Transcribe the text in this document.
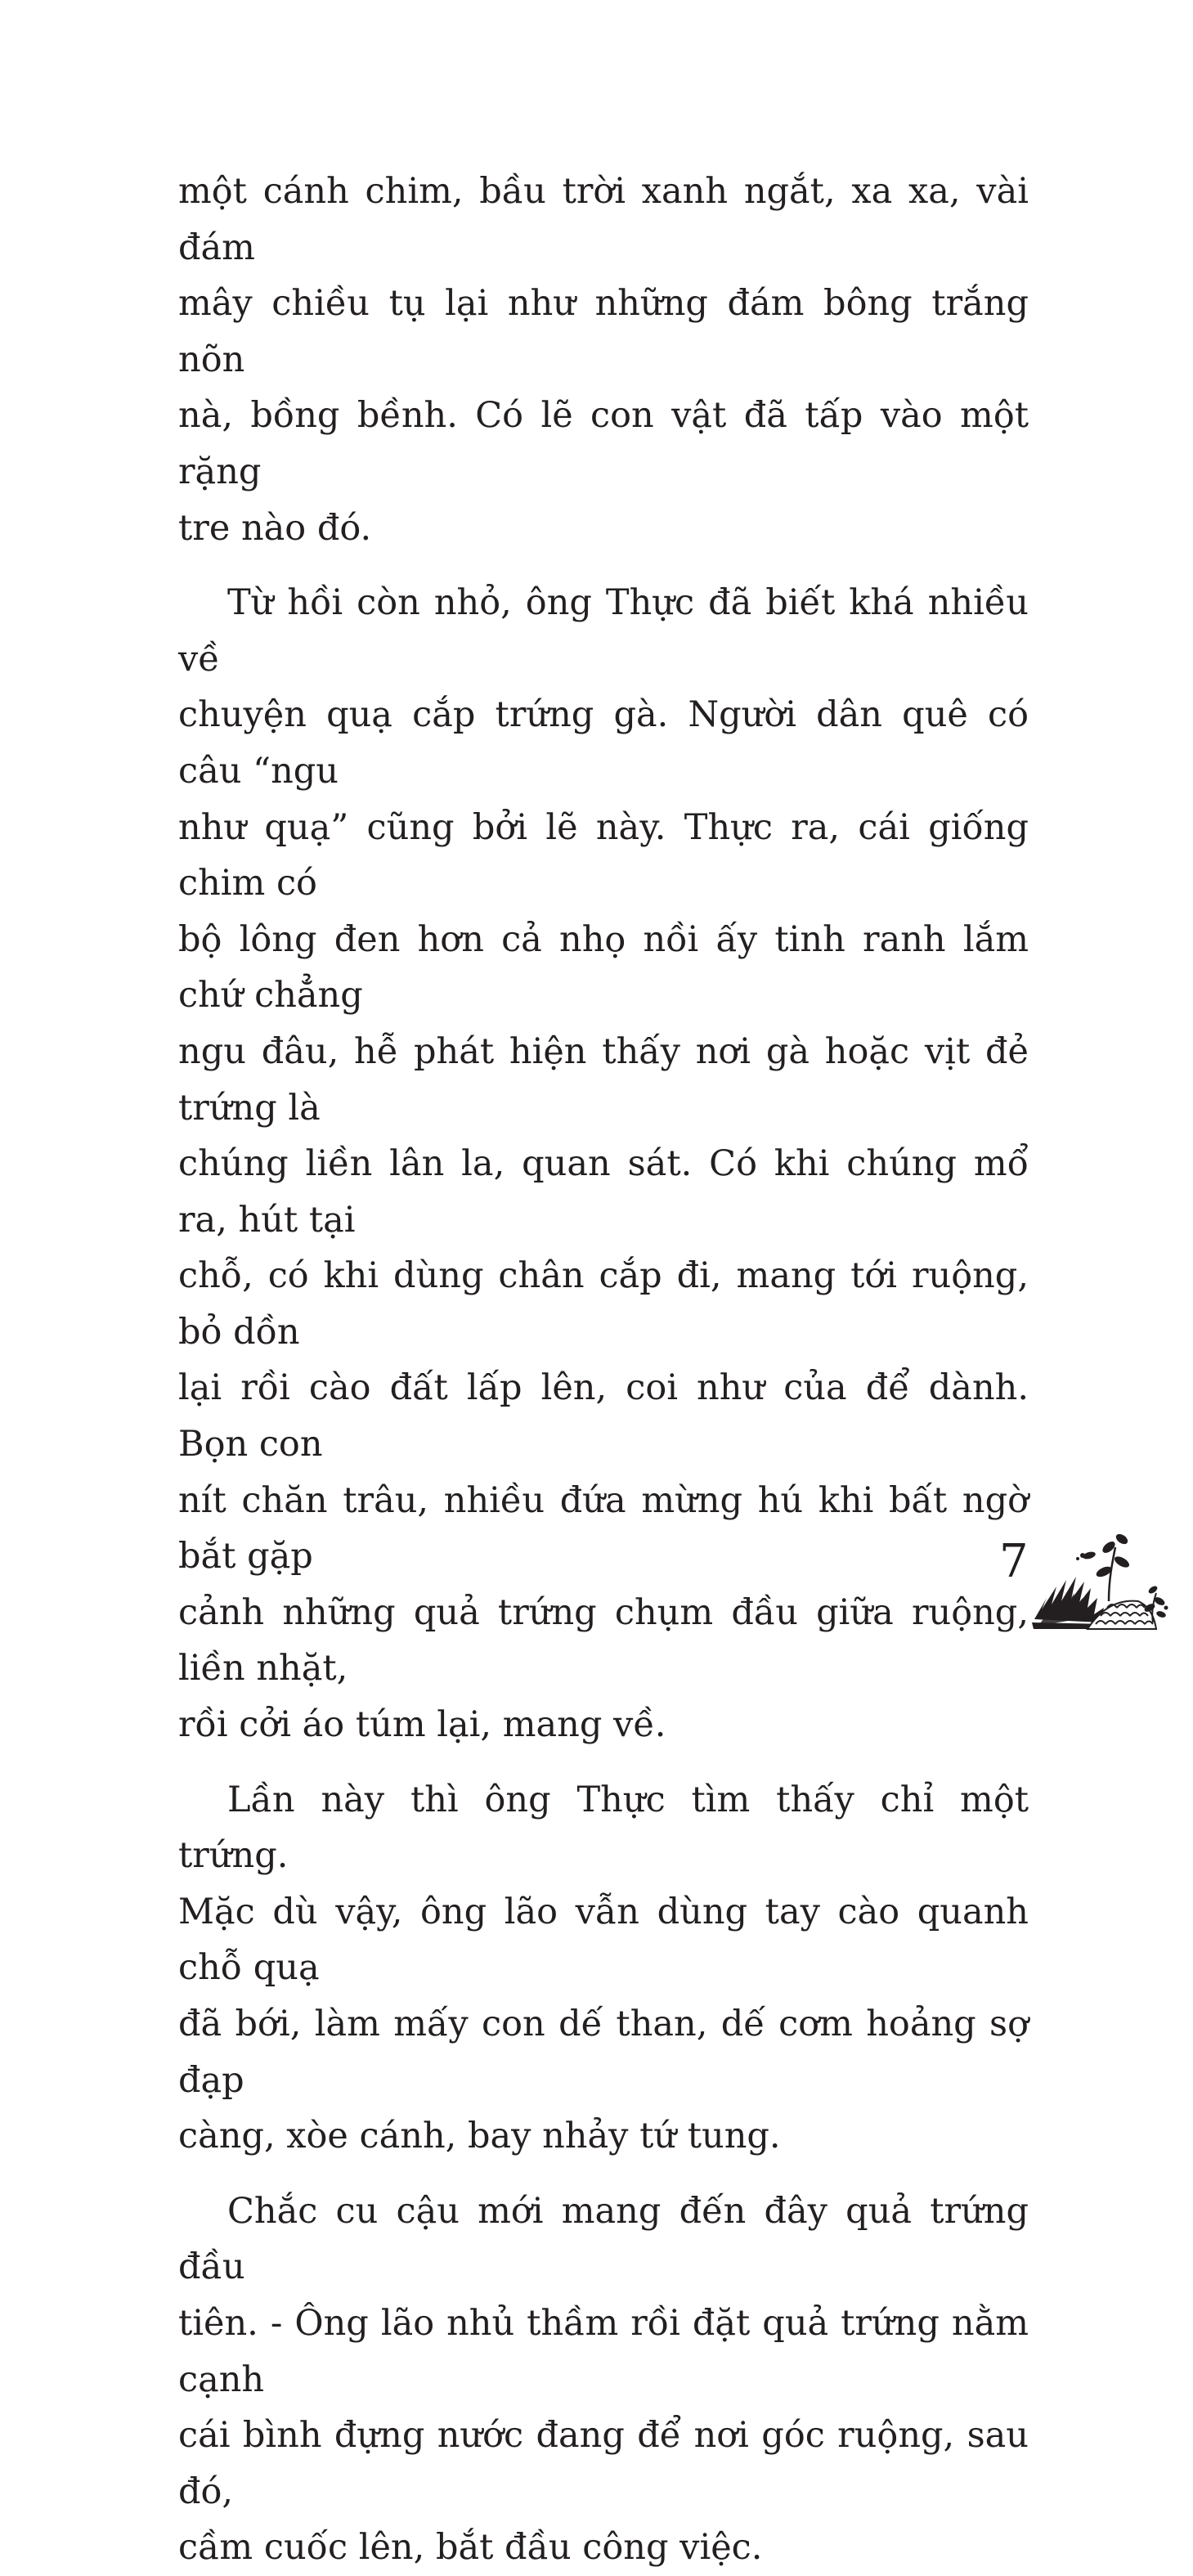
một cánh chim, bầu trời xanh ngắt, xa xa, vài đám
mây chiều tụ lại như những đám bông trắng nõn
nà, bồng bềnh. Có lẽ con vật đã tấp vào một rặng
tre nào đó.

Từ hồi còn nhỏ, ông Thực đã biết khá nhiều về
chuyện quạ cắp trứng gà. Người dân quê có câu “ngu
như quạ” cũng bởi lẽ này. Thực ra, cái giống chim có
bộ lông đen hơn cả nhọ nồi ấy tinh ranh lắm chứ chẳng
ngu đâu, hễ phát hiện thấy nơi gà hoặc vịt đẻ trứng là
chúng liền lân la, quan sát. Có khi chúng mổ ra, hút tại
chỗ, có khi dùng chân cắp đi, mang tới ruộng, bỏ dồn
lại rồi cào đất lấp lên, coi như của để dành. Bọn con
nít chăn trâu, nhiều đứa mừng hú khi bất ngờ bắt gặp
cảnh những quả trứng chụm đầu giữa ruộng, liền nhặt,
rồi cởi áo túm lại, mang về.

Lần này thì ông Thực tìm thấy chỉ một trứng.
Mặc dù vậy, ông lão vẫn dùng tay cào quanh chỗ quạ
đã bới, làm mấy con dế than, dế cơm hoảng sợ đạp
càng, xòe cánh, bay nhảy tứ tung.

Chắc cu cậu mới mang đến đây quả trứng đầu
tiên. - Ông lão nhủ thầm rồi đặt quả trứng nằm cạnh
cái bình đựng nước đang để nơi góc ruộng, sau đó,
cầm cuốc lên, bắt đầu công việc.

7
